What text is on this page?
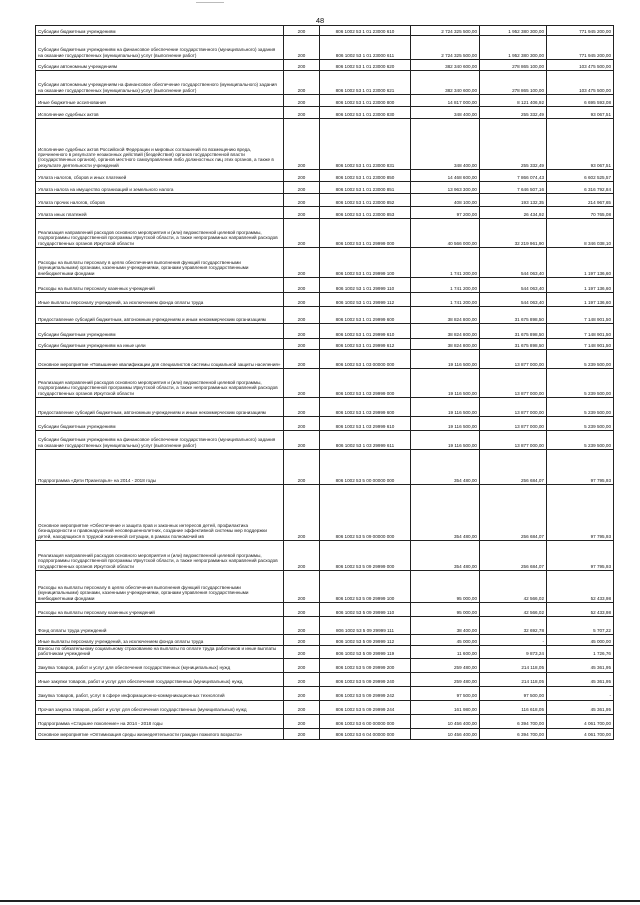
48
Субсидии бюджетным учреждениям	200	806 1002 53 1 01 23000 610	2 724 325 500,00	1 952 380 300,00	771 945 200,00
Субсидии бюджетным учреждениям на финансовое обеспечение государственного (муниципального) задания на оказание государственных (муниципальных) услуг (выполнение работ)	200	806 1002 53 1 01 23000 611	2 724 325 500,00	1 952 380 300,00	771 945 200,00
Субсидии автономным учреждениям	200	806 1002 53 1 01 23000 620	382 340 600,00	278 865 100,00	103 475 500,00
Субсидии автономным учреждениям на финансовое обеспечение государственного (муниципального) задания на оказание государственных (муниципальных) услуг (выполнение работ)	200	806 1002 53 1 01 23000 621	382 340 600,00	278 865 100,00	103 475 500,00
Иные бюджетные ассигнования	200	806 1002 53 1 01 23000 800	14 817 000,00	8 121 406,92	6 695 593,08
Исполнение судебных актов	200	806 1002 53 1 01 23000 830	348 400,00	255 332,49	93 067,51
Исполнение судебных актов Российской Федерации и мировых соглашений по возмещению вреда, причиненного в результате незаконных действий (бездействия) органов государственной власти (государственных органов), органов местного самоуправления либо должностных лиц этих органов, а также в результате деятельности учреждений	200	806 1002 53 1 01 23000 831	348 400,00	255 332,49	93 067,51
Уплата налогов, сборов и иных платежей	200	806 1002 53 1 01 23000 850	14 468 600,00	7 866 074,43	6 602 525,57
Уплата налога на имущество организаций и земельного налога	200	806 1002 53 1 01 23000 851	13 963 300,00	7 646 507,16	6 316 792,84
Уплата прочих налогов, сборов	200	806 1002 53 1 01 23000 852	408 100,00	193 132,35	214 967,65
Уплата иных платежей	200	806 1002 53 1 01 23000 853	97 200,00	26 434,92	70 765,08
Реализация направлений расходов основного мероприятия и (или) ведомственной целевой программы, подпрограммы государственной программы Иркутской области, а также непрограммных направлений расходов государственных органов Иркутской области	200	806 1002 53 1 01 29999 000	40 566 000,00	32 219 961,90	8 346 038,10
Расходы на выплаты персоналу в целях обеспечения выполнения функций государственными (муниципальными) органами, казенными учреждениями, органами управления государственными внебюджетными фондами	200	806 1002 53 1 01 29999 100	1 741 200,00	544 063,40	1 197 136,60
Расходы на выплаты персоналу казенных учреждений	200	806 1002 53 1 01 29999 110	1 741 200,00	544 063,40	1 197 136,60
Иные выплаты персоналу учреждений, за исключением фонда оплаты труда	200	806 1002 53 1 01 29999 112	1 741 200,00	544 063,40	1 197 136,60
Предоставление субсидий бюджетным, автономным учреждениям и иным некоммерческим организациям	200	806 1002 53 1 01 29999 600	38 824 800,00	31 675 898,50	7 148 901,50
Субсидии бюджетным учреждениям	200	806 1002 53 1 01 29999 610	38 824 800,00	31 675 898,50	7 148 901,50
Субсидии бюджетным учреждениям на иные цели	200	806 1002 53 1 01 29999 612	38 824 800,00	31 675 898,50	7 148 901,50
Основное мероприятие «Повышение квалификации для специалистов системы социальной защиты населения»	200	806 1002 53 1 03 00000 000	19 116 500,00	13 877 000,00	5 239 500,00
Реализация направлений расходов основного мероприятия и (или) ведомственной целевой программы, подпрограммы государственной программы Иркутской области, а также непрограммных направлений расходов государственных органов Иркутской области	200	806 1002 53 1 03 29999 000	19 116 500,00	13 877 000,00	5 239 500,00
Предоставление субсидий бюджетным, автономным учреждениям и иным некоммерческим организациям	200	806 1002 53 1 03 29999 600	19 116 500,00	13 877 000,00	5 239 500,00
Субсидии бюджетным учреждениям	200	806 1002 53 1 03 29999 610	19 116 500,00	13 877 000,00	5 239 500,00
Субсидии бюджетным учреждениям на финансовое обеспечение государственного (муниципального) задания на оказание государственных (муниципальных) услуг (выполнение работ)	200	806 1002 53 1 03 29999 611	19 116 500,00	13 877 000,00	5 239 500,00
Подпрограмма «Дети Приангарья» на 2014 - 2018 годы	200	806 1002 53 5 00 00000 000	354 480,00	256 684,07	97 795,93
Основное мероприятие «Обеспечение и защита прав и законных интересов детей, профилактика безнадзорности и правонарушений несовершеннолетних, создание эффективной системы мер поддержки детей, находящихся в трудной жизненной ситуации, в рамках полномочий мв	200	806 1002 53 5 09 00000 000	354 480,00	256 684,07	97 795,93
Реализация направлений расходов основного мероприятия и (или) ведомственной целевой программы, подпрограммы государственной программы Иркутской области, а также непрограммных направлений расходов государственных органов Иркутской области	200	806 1002 53 5 09 29999 000	354 480,00	256 684,07	97 795,93
Расходы на выплаты персоналу в целях обеспечения выполнения функций государственными (муниципальными) органами, казенными учреждениями, органами управления государственными внебюджетными фондами	200	806 1002 53 5 09 29999 100	95 000,00	42 566,02	52 433,98
Расходы на выплаты персоналу казенных учреждений	200	806 1002 53 5 09 29999 110	95 000,00	42 566,02	52 433,98
Фонд оплаты труда учреждений	200	806 1002 53 5 09 29999 111	38 400,00	32 692,78	5 707,22
Иные выплаты персоналу учреждений, за исключением фонда оплаты труда	200	806 1002 53 5 09 29999 112	45 000,00	-	45 000,00
Взносы по обязательному социальному страхованию на выплаты по оплате труда работников и иные выплаты работникам учреждений	200	806 1002 53 5 09 29999 119	11 600,00	9 873,24	1 726,76
Закупка товаров, работ и услуг для обеспечения государственных (муниципальных) нужд	200	806 1002 53 5 09 29999 200	259 480,00	214 118,05	45 361,95
Иные закупки товаров, работ и услуг для обеспечения государственных (муниципальных) нужд	200	806 1002 53 5 09 29999 240	259 480,00	214 118,05	45 361,95
Закупка товаров, работ, услуг в сфере информационно-коммуникационных технологий	200	806 1002 53 5 09 29999 242	97 500,00	97 500,00	-
Прочая закупка товаров, работ и услуг для обеспечения государственных (муниципальных) нужд	200	806 1002 53 5 09 29999 244	161 980,00	116 618,05	45 361,95
Подпрограмма «Старшее поколение» на 2014 - 2018 годы	200	806 1002 53 6 00 00000 000	10 456 400,00	6 394 700,00	4 061 700,00
Основное мероприятие «Оптимизация среды жизнедеятельности граждан пожилого возраста»	200	806 1002 53 6 04 00000 000	10 456 400,00	6 394 700,00	4 061 700,00
